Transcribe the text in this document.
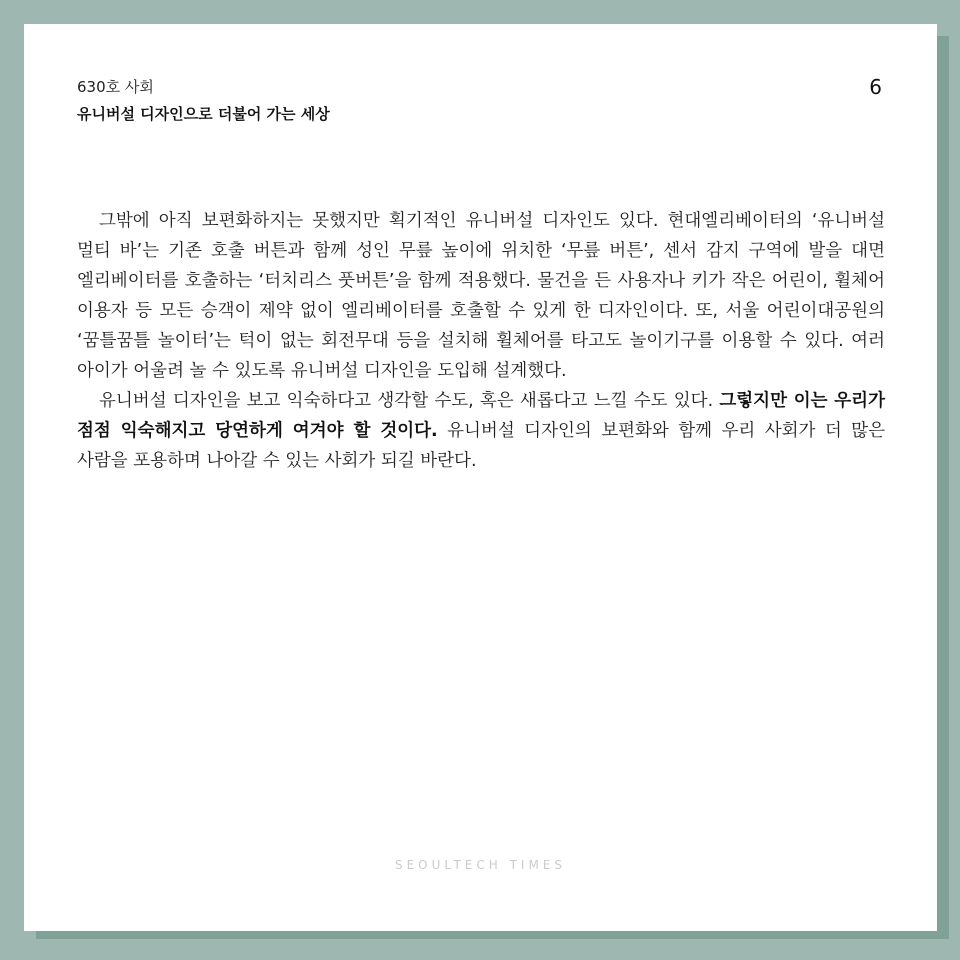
630호 사회
유니버설 디자인으로 더불어 가는 세상
6

그밖에 아직 보편화하지는 못했지만 획기적인 유니버설 디자인도 있다. 현대엘리베이터의 ‘유니버설 멀티 바’는 기존 호출 버튼과 함께 성인 무릎 높이에 위치한 ‘무릎 버튼’, 센서 감지 구역에 발을 대면 엘리베이터를 호출하는 ‘터치리스 풋버튼’을 함께 적용했다. 물건을 든 사용자나 키가 작은 어린이, 휠체어 이용자 등 모든 승객이 제약 없이 엘리베이터를 호출할 수 있게 한 디자인이다. 또, 서울 어린이대공원의 ‘꿈틀꿈틀 놀이터’는 턱이 없는 회전무대 등을 설치해 휠체어를 타고도 놀이기구를 이용할 수 있다. 여러 아이가 어울려 놀 수 있도록 유니버설 디자인을 도입해 설계했다.

유니버설 디자인을 보고 익숙하다고 생각할 수도, 혹은 새롭다고 느낄 수도 있다. 그렇지만 이는 우리가 점점 익숙해지고 당연하게 여겨야 할 것이다. 유니버설 디자인의 보편화와 함께 우리 사회가 더 많은 사람을 포용하며 나아갈 수 있는 사회가 되길 바란다.

SEOULTECH TIMES
